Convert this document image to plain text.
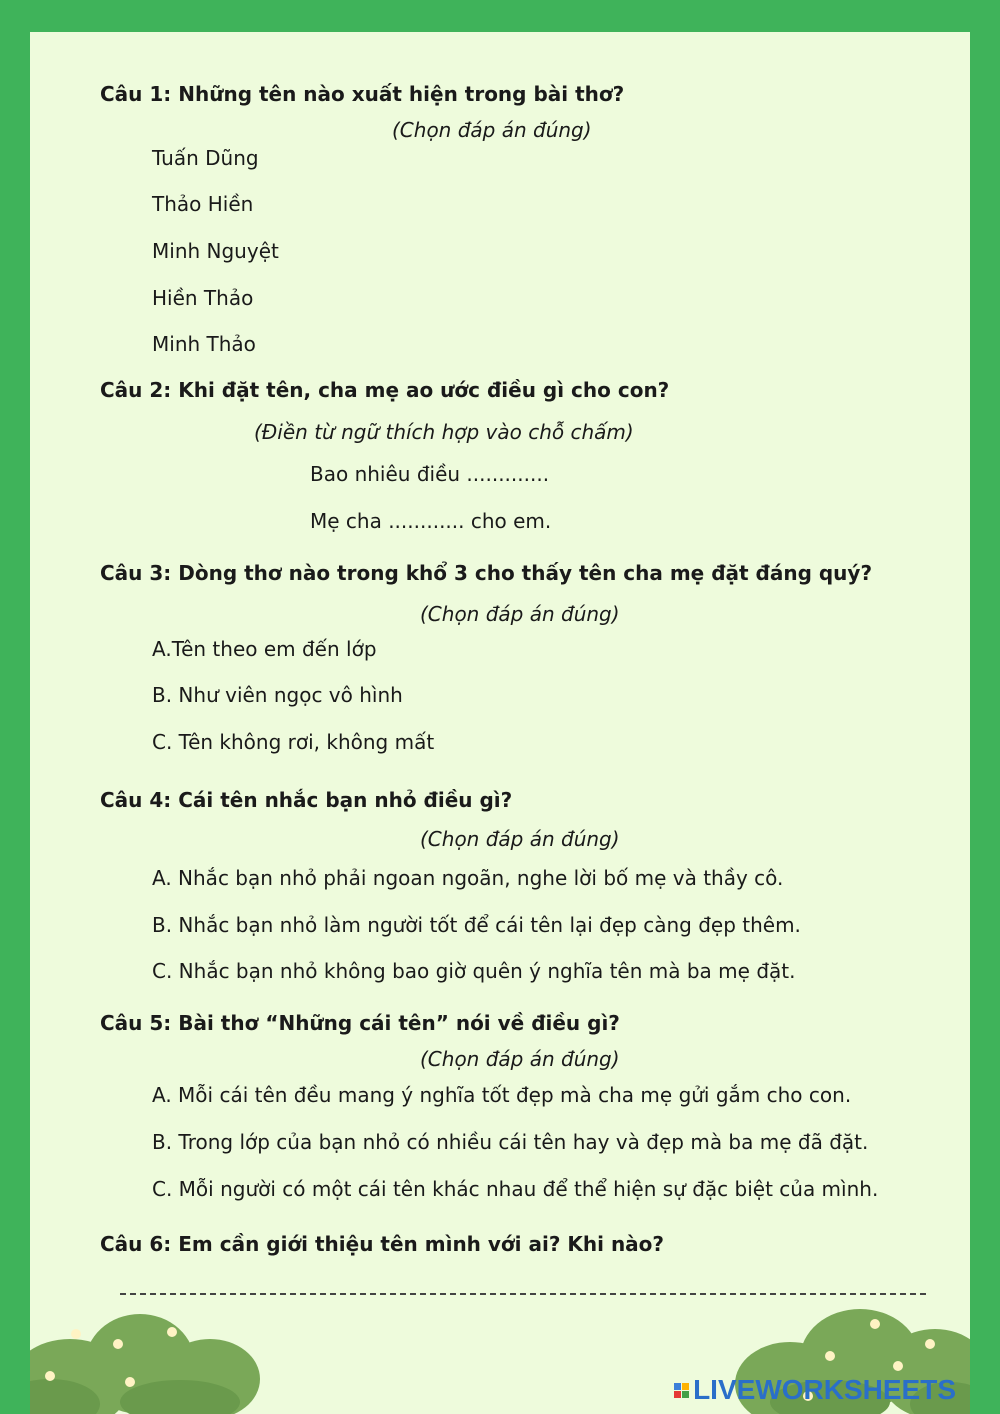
Câu 1: Những tên nào xuất hiện trong bài thơ?
(Chọn đáp án đúng)
Tuấn Dũng
Thảo Hiền
Minh Nguyệt
Hiền Thảo
Minh Thảo
Câu 2: Khi đặt tên, cha mẹ ao ước điều gì cho con?
(Điền từ ngữ thích hợp vào chỗ chấm)
Bao nhiêu điều .............
Mẹ cha ............ cho em.
Câu 3: Dòng thơ nào trong khổ 3 cho thấy tên cha mẹ đặt đáng quý?
(Chọn đáp án đúng)
A.Tên theo em đến lớp
B. Như viên ngọc vô hình
C. Tên không rơi, không mất
Câu 4: Cái tên nhắc bạn nhỏ điều gì?
(Chọn đáp án đúng)
A. Nhắc bạn nhỏ phải ngoan ngoãn, nghe lời bố mẹ và thầy cô.
B. Nhắc bạn nhỏ làm người tốt để cái tên lại đẹp càng đẹp thêm.
C. Nhắc bạn nhỏ không bao giờ quên ý nghĩa tên mà ba mẹ đặt.
Câu 5: Bài thơ “Những cái tên” nói về điều gì?
(Chọn đáp án đúng)
A. Mỗi cái tên đều mang ý nghĩa tốt đẹp mà cha mẹ gửi gắm cho con.
B. Trong lớp của bạn nhỏ có nhiều cái tên hay và đẹp mà ba mẹ đã đặt.
C. Mỗi người có một cái tên khác nhau để thể hiện sự đặc biệt của mình.
Câu 6: Em cần giới thiệu tên mình với ai? Khi nào?
LIVEWORKSHEETS
